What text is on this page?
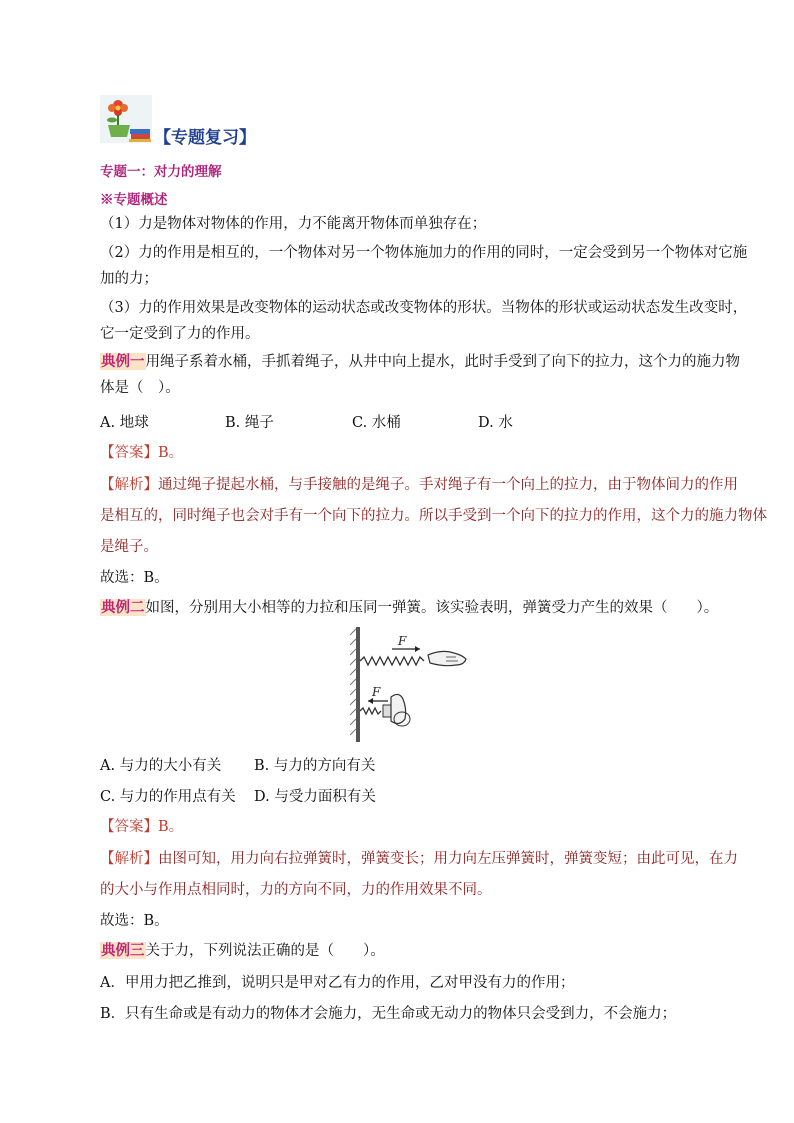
【专题复习】
专题一：对力的理解
※专题概述
（1）力是物体对物体的作用，力不能离开物体而单独存在；
（2）力的作用是相互的，一个物体对另一个物体施加力的作用的同时，一定会受到另一个物体对它施
加的力；
（3）力的作用效果是改变物体的运动状态或改变物体的形状。当物体的形状或运动状态发生改变时，
它一定受到了力的作用。
典例一用绳子系着水桶，手抓着绳子，从井中向上提水，此时手受到了向下的拉力，这个力的施力物
体是（　）。
A. 地球	B. 绳子	C. 水桶	D. 水
【答案】B。
【解析】通过绳子提起水桶，与手接触的是绳子。手对绳子有一个向上的拉力，由于物体间力的作用
是相互的，同时绳子也会对手有一个向下的拉力。所以手受到一个向下的拉力的作用，这个力的施力物体
是绳子。
故选：B。
典例二如图，分别用大小相等的力拉和压同一弹簧。该实验表明，弹簧受力产生的效果（　　）。
F
F
A. 与力的大小有关 B. 与力的方向有关
C. 与力的作用点有关 D. 与受力面积有关
【答案】B。
【解析】由图可知，用力向右拉弹簧时，弹簧变长；用力向左压弹簧时，弹簧变短；由此可见，在力
的大小与作用点相同时，力的方向不同，力的作用效果不同。
故选：B。
典例三关于力，下列说法正确的是（　　）。
A．甲用力把乙推到，说明只是甲对乙有力的作用，乙对甲没有力的作用；
B．只有生命或是有动力的物体才会施力，无生命或无动力的物体只会受到力，不会施力；
